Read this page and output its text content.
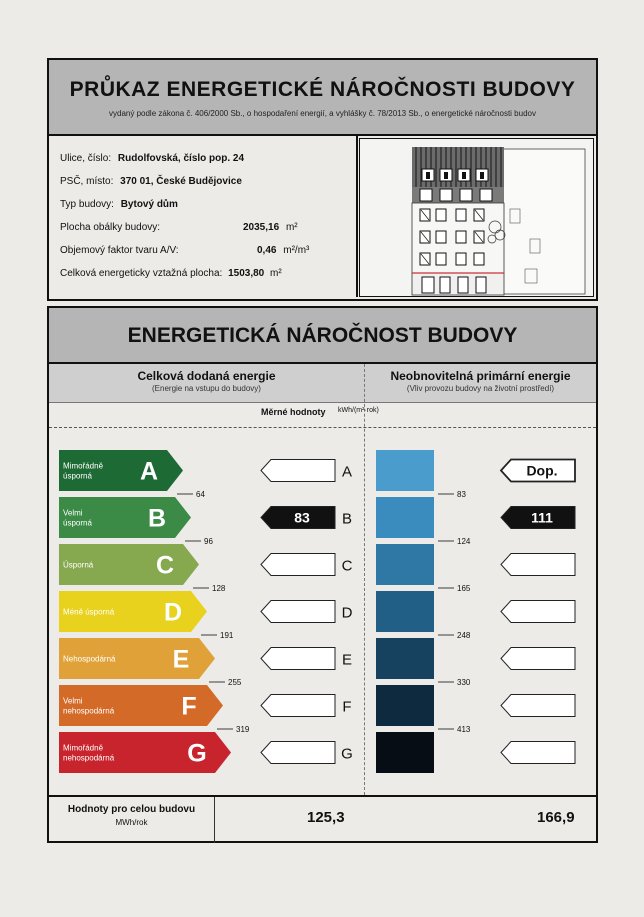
PRŮKAZ ENERGETICKÉ NÁROČNOSTI BUDOVY
vydaný podle zákona č. 406/2000 Sb., o hospodaření energií, a vyhlášky č. 78/2013 Sb., o energetické náročnosti budov
Ulice, číslo: Rudolfovská, číslo pop. 24
PSČ, místo: 370 01, České Budějovice
Typ budovy: Bytový dům
Plocha obálky budovy:	2035,16 m²
Objemový faktor tvaru A/V:	0,46 m²/m³
Celková energeticky vztažná plocha: 1503,80 m²
ENERGETICKÁ NÁROČNOST BUDOVY
Celková dodaná energie
(Energie na vstupu do budovy)
Neobnovitelná primární energie
(Vliv provozu budovy na životní prostředí)
Měrné hodnoty kWh/(m²·rok)
Mimořádně
úsporná A	A	Dop.
Velmi
úsporná B	83 B	111
Úsporná	C	C
Méně úsporná D	D
Nehospodárná E	E
Velmi
nehospodárná	F	F
Mimořádně
nehospodárná	G	G
64
96
128
191
255
319
83
124
165
248
330
413
Hodnoty pro celou budovu
MWh/rok	125,3	166,9
